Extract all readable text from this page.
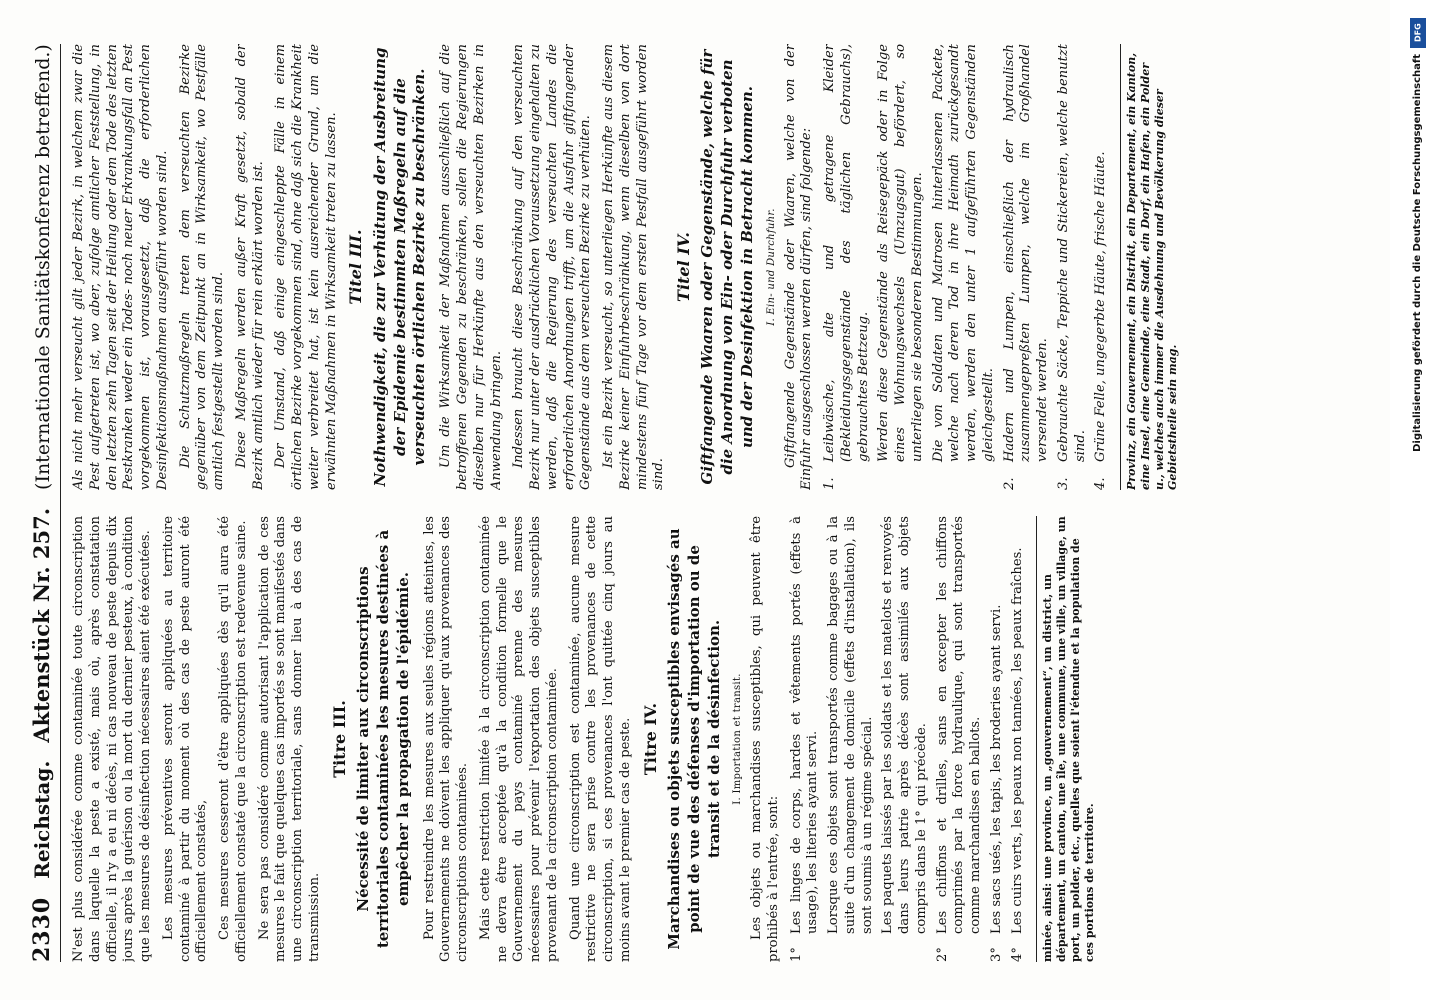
2330
Reichstag.
Aktenstück Nr. 257.
(Internationale Sanitätskonferenz betreffend.)

N'est plus considérée comme contaminée toute circonscription dans laquelle la peste a existé, mais où, après constatation officielle, il n'y a eu ni décès, ni cas nouveau de peste depuis dix jours après la guérison ou la mort du dernier pesteux, à condition que les mesures de désinfection nécessaires aient été exécutées. Les mesures préventives seront appliquées au territoire contaminé à partir du moment où des cas de peste auront été officiellement constatés, Ces mesures cesseront d'être appliquées dès qu'il aura été officiellement constaté que la circonscription est redevenue saine. Ne sera pas considéré comme autorisant l'application de ces mesures le fait que quelques cas importés se sont manifestés dans une circonscription territoriale, sans donner lieu à des cas de transmission.

Titre III. Nécessité de limiter aux circonscriptions territoriales contaminées les mesures destinées à empêcher la propagation de l'épidémie. Pour restreindre les mesures aux seules régions atteintes, les Gouvernements ne doivent les appliquer qu'aux provenances des circonscriptions contaminées. Mais cette restriction limitée à la circonscription contaminée ne devra être acceptée qu'à la condition formelle que le Gouvernement du pays contaminé prenne des mesures nécessaires pour prévenir l'exportation des objets susceptibles provenant de la circonscription contaminée. Quand une circonscription est contaminée, aucune mesure restrictive ne sera prise contre les provenances de cette circonscription, si ces provenances l'ont quittée cinq jours au moins avant le premier cas de peste. Titre IV. Marchandises ou objets susceptibles envisagés au point de vue des défenses d'importation ou de transit et de la désinfection. I. Importation et transit. Les objets ou marchandises susceptibles, qui peuvent être prohibés à l'entrée, sont: 1°
Les linges de corps, hardes et vêtements portés (effets à usage), les literies ayant servi. Lorsque ces objets sont transportés comme bagages ou à la suite d'un changement de domicile (effets d'installation), ils sont soumis à un régime spécial. Les paquets laissés par les soldats et les matelots et renvoyés dans leurs patrie après décès sont assimilés aux objets compris dans le 1° qui précède.
2°
Les chiffons et drilles, sans en excepter les chiffons comprimés par la force hydraulique, qui sont transportés comme marchandises en ballots.
3°
Les sacs usés, les tapis, les broderies ayant servi.
4°
Les cuirs verts, les peaux non tannées, les peaux fraîches.	minée, ainsi: une province, un „gouvernement“, un district, un département, un canton, une île, une commune, une ville, un village, un port, un polder, etc., quelles que soient l'étendue et la population de ces portions de territoire.

Als nicht mehr verseucht gilt jeder Bezirk, in welchem zwar die Pest aufgetreten ist, wo aber, zufolge amtlicher Feststellung, in den letzten zehn Tagen seit der Heilung oder dem Tode des letzten Pestkranken weder ein Todes- noch neuer Erkrankungsfall an Pest vorgekommen ist, vorausgesetzt, daß die erforderlichen Desinfektionsmaßnahmen ausgeführt worden sind. Die Schutzmaßregeln treten dem verseuchten Bezirke gegenüber von dem Zeitpunkt an in Wirksamkeit, wo Pestfälle amtlich festgestellt worden sind. Diese Maßregeln werden außer Kraft gesetzt, sobald der Bezirk amtlich wieder für rein erklärt worden ist. Der Umstand, daß einige eingeschleppte Fälle in einem örtlichen Bezirke vorgekommen sind, ohne daß sich die Krankheit weiter verbreitet hat, ist kein ausreichender Grund, um die erwähnten Maßnahmen in Wirksamkeit treten zu lassen. Titel III. Nothwendigkeit, die zur Verhütung der Ausbreitung der Epidemie bestimmten Maßregeln auf die verseuchten örtlichen Bezirke zu beschränken. Um die Wirksamkeit der Maßnahmen ausschließlich auf die betroffenen Gegenden zu beschränken, sollen die Regierungen dieselben nur für Herkünfte aus den verseuchten Bezirken in Anwendung bringen. Indessen braucht diese Beschränkung auf den verseuchten Bezirk nur unter der ausdrücklichen Voraussetzung eingehalten zu werden, daß die Regierung des verseuchten Landes die erforderlichen Anordnungen trifft, um die Ausfuhr giftfangender Gegenstände aus dem verseuchten Bezirke zu verhüten. Ist ein Bezirk verseucht, so unterliegen Herkünfte aus diesem Bezirke keiner Einfuhrbeschränkung, wenn dieselben von dort mindestens fünf Tage vor dem ersten Pestfall ausgeführt worden sind.

Titel IV. Giftfangende Waaren oder Gegenstände, welche für die Anordnung von Ein- oder Durchfuhr verboten und der Desinfektion in Betracht kommen. I. Ein- und Durchfuhr. Giftfangende Gegenstände oder Waaren, welche von der Einfuhr ausgeschlossen werden dürfen, sind folgende: 1.
Leibwäsche, alte und getragene Kleider (Bekleidungsgegenstände des täglichen Gebrauchs), gebrauchtes Bettzeug. Werden diese Gegenstände als Reisegepäck oder in Folge eines Wohnungswechsels (Umzugsgut) befördert, so unterliegen sie besonderen Bestimmungen. Die von Soldaten und Matrosen hinterlassenen Packete, welche nach deren Tod in ihre Heimath zurückgesandt werden, werden den unter 1 aufgeführten Gegenständen gleichgestellt.
2.
Hadern und Lumpen, einschließlich der hydraulisch zusammengepreßten Lumpen, welche im Großhandel versendet werden.
3.
Gebrauchte Säcke, Teppiche und Stickereien, welche benutzt sind.
4.
Grüne Felle, ungegerbte Häute, frische Häute.	Provinz, ein Gouvernement, ein Distrikt, ein Departement, ein Kanton, eine Insel, eine Gemeinde, eine Stadt, ein Dorf, ein Hafen, ein Polder u., welches auch immer die Ausdehnung und Bevölkerung dieser Gebietstheile sein mag.
DFG
Digitalisierung gefördert durch die Deutsche Forschungsgemeinschaft
